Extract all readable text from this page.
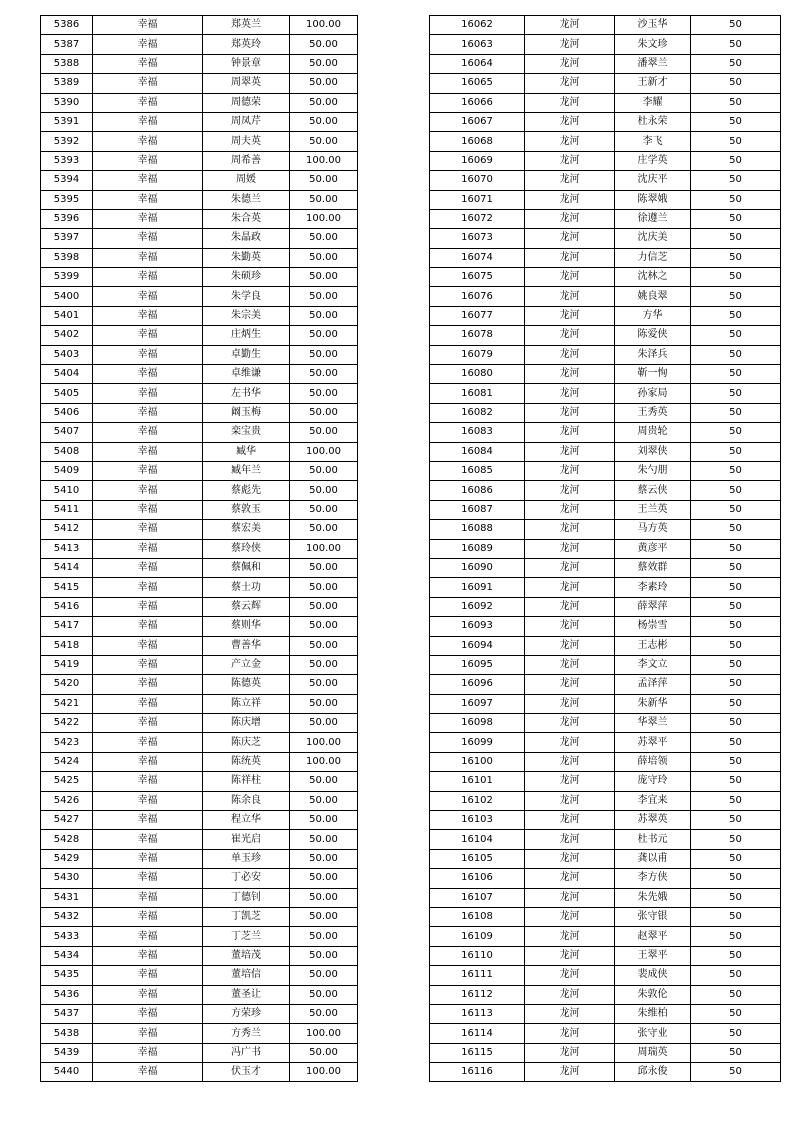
5386	幸福	郑英兰	100.00
5387	幸福	郑英玲	50.00
5388	幸福	钟景章	50.00
5389	幸福	周翠英	50.00
5390	幸福	周德荣	50.00
5391	幸福	周凤芹	50.00
5392	幸福	周夫英	50.00
5393	幸福	周希善	100.00
5394	幸福	周媛	50.00
5395	幸福	朱德兰	50.00
5396	幸福	朱合英	100.00
5397	幸福	朱晶政	50.00
5398	幸福	朱勤英	50.00
5399	幸福	朱硕珍	50.00
5400	幸福	朱学良	50.00
5401	幸福	朱宗美	50.00
5402	幸福	庄炳生	50.00
5403	幸福	卓勤生	50.00
5404	幸福	卓维谦	50.00
5405	幸福	左书华	50.00
5406	幸福	阚玉梅	50.00
5407	幸福	栾宝贵	50.00
5408	幸福	臧华	100.00
5409	幸福	臧年兰	50.00
5410	幸福	蔡彪先	50.00
5411	幸福	蔡敦玉	50.00
5412	幸福	蔡宏美	50.00
5413	幸福	蔡玲侠	100.00
5414	幸福	蔡佩和	50.00
5415	幸福	蔡士功	50.00
5416	幸福	蔡云辉	50.00
5417	幸福	蔡则华	50.00
5418	幸福	曹善华	50.00
5419	幸福	产立金	50.00
5420	幸福	陈德英	50.00
5421	幸福	陈立祥	50.00
5422	幸福	陈庆增	50.00
5423	幸福	陈庆芝	100.00
5424	幸福	陈统英	100.00
5425	幸福	陈祥柱	50.00
5426	幸福	陈余良	50.00
5427	幸福	程立华	50.00
5428	幸福	崔光启	50.00
5429	幸福	单玉珍	50.00
5430	幸福	丁必安	50.00
5431	幸福	丁德钊	50.00
5432	幸福	丁凯芝	50.00
5433	幸福	丁芝兰	50.00
5434	幸福	董培茂	50.00
5435	幸福	董培信	50.00
5436	幸福	董圣让	50.00
5437	幸福	方荣珍	50.00
5438	幸福	方秀兰	100.00
5439	幸福	冯广书	50.00
5440	幸福	伏玉才	100.00
16062	龙河	沙玉华	50
16063	龙河	朱文珍	50
16064	龙河	潘翠兰	50
16065	龙河	王新才	50
16066	龙河	李耀	50
16067	龙河	杜永荣	50
16068	龙河	李飞	50
16069	龙河	庄学英	50
16070	龙河	沈庆平	50
16071	龙河	陈翠娥	50
16072	龙河	徐遵兰	50
16073	龙河	沈庆美	50
16074	龙河	力信芝	50
16075	龙河	沈林之	50
16076	龙河	姚良翠	50
16077	龙河	方华	50
16078	龙河	陈爱侠	50
16079	龙河	朱泽兵	50
16080	龙河	靳一恂	50
16081	龙河	孙家局	50
16082	龙河	王秀英	50
16083	龙河	周贵轮	50
16084	龙河	刘翠侠	50
16085	龙河	朱勺朋	50
16086	龙河	蔡云侠	50
16087	龙河	王兰英	50
16088	龙河	马方英	50
16089	龙河	黄彦平	50
16090	龙河	蔡效群	50
16091	龙河	李素玲	50
16092	龙河	薛翠萍	50
16093	龙河	杨崇雪	50
16094	龙河	王志彬	50
16095	龙河	李文立	50
16096	龙河	孟泽萍	50
16097	龙河	朱新华	50
16098	龙河	华翠兰	50
16099	龙河	苏翠平	50
16100	龙河	薛培领	50
16101	龙河	庞守玲	50
16102	龙河	李宜来	50
16103	龙河	苏翠英	50
16104	龙河	杜书元	50
16105	龙河	龚以甫	50
16106	龙河	李方侠	50
16107	龙河	朱先娥	50
16108	龙河	张守银	50
16109	龙河	赵翠平	50
16110	龙河	王翠平	50
16111	龙河	裴成侠	50
16112	龙河	朱敦伦	50
16113	龙河	朱维柏	50
16114	龙河	张守业	50
16115	龙河	周瑞英	50
16116	龙河	邱永俊	50
